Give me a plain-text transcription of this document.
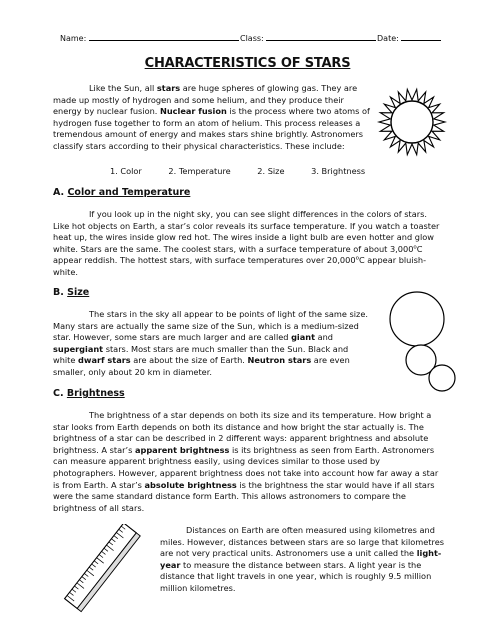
Name:	Class:	Date:
CHARACTERISTICS OF STARS

Like the Sun, all stars are huge spheres of glowing gas. They are made up mostly of hydrogen and some helium, and they produce their energy by nuclear fusion. Nuclear fusion is the process where two atoms of hydrogen fuse together to form an atom of helium. This process releases a tremendous amount of energy and makes stars shine brightly. Astronomers classify stars according to their physical characteristics. These include:

1. Color	2. Temperature	2. Size	3. Brightness
A. Color and Temperature

If you look up in the night sky, you can see slight differences in the colors of stars. Like hot objects on Earth, a star’s color reveals its surface temperature. If you watch a toaster heat up, the wires inside glow red hot. The wires inside a light bulb are even hotter and glow white. Stars are the same. The coolest stars, with a surface temperature of about 3,000$^o$C appear reddish. The hottest stars, with surface temperatures over 20,000$^o$C appear bluish-white.

B. Size

The stars in the sky all appear to be points of light of the same size. Many stars are actually the same size of the Sun, which is a medium-sized star. However, some stars are much larger and are called giant and supergiant stars. Most stars are much smaller than the Sun. Black and white dwarf stars are about the size of Earth. Neutron stars are even smaller, only about 20 km in diameter.

C. Brightness

The brightness of a star depends on both its size and its temperature. How bright a star looks from Earth depends on both its distance and how bright the star actually is. The brightness of a star can be described in 2 different ways: apparent brightness and absolute brightness. A star’s apparent brightness is its brightness as seen from Earth. Astronomers can measure apparent brightness easily, using devices similar to those used by photographers. However, apparent brightness does not take into account how far away a star is from Earth. A star’s absolute brightness is the brightness the star would have if all stars were the same standard distance form Earth. This allows astronomers to compare the brightness of all stars.

Distances on Earth are often measured using kilometres and miles. However, distances between stars are so large that kilometres are not very practical units. Astronomers use a unit called the light-year to measure the distance between stars. A light year is the distance that light travels in one year, which is roughly 9.5 million million kilometres.
